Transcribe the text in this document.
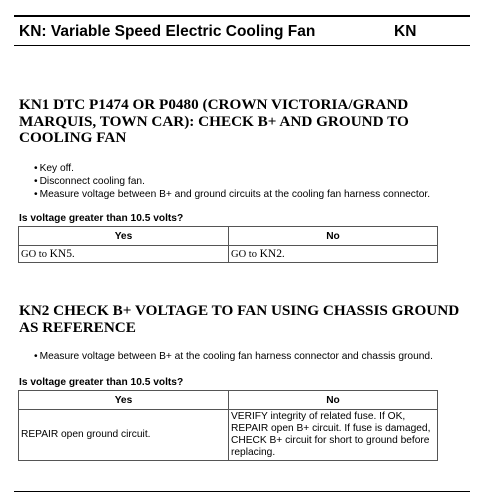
KN: Variable Speed Electric Cooling Fan	KN
KN1 DTC P1474 OR P0480 (CROWN VICTORIA/GRAND MARQUIS, TOWN CAR): CHECK B+ AND GROUND TO COOLING FAN
• Key off.
• Disconnect cooling fan.
• Measure voltage between B+ and ground circuits at the cooling fan harness connector.
Is voltage greater than 10.5 volts?
Yes	No
GO to KN5.	GO to KN2.
KN2 CHECK B+ VOLTAGE TO FAN USING CHASSIS GROUND AS REFERENCE
• Measure voltage between B+ at the cooling fan harness connector and chassis ground.
Is voltage greater than 10.5 volts?
Yes	No
REPAIR open ground circuit.	VERIFY integrity of related fuse. If OK, REPAIR open B+ circuit. If fuse is damaged, CHECK B+ circuit for short to ground before replacing.
